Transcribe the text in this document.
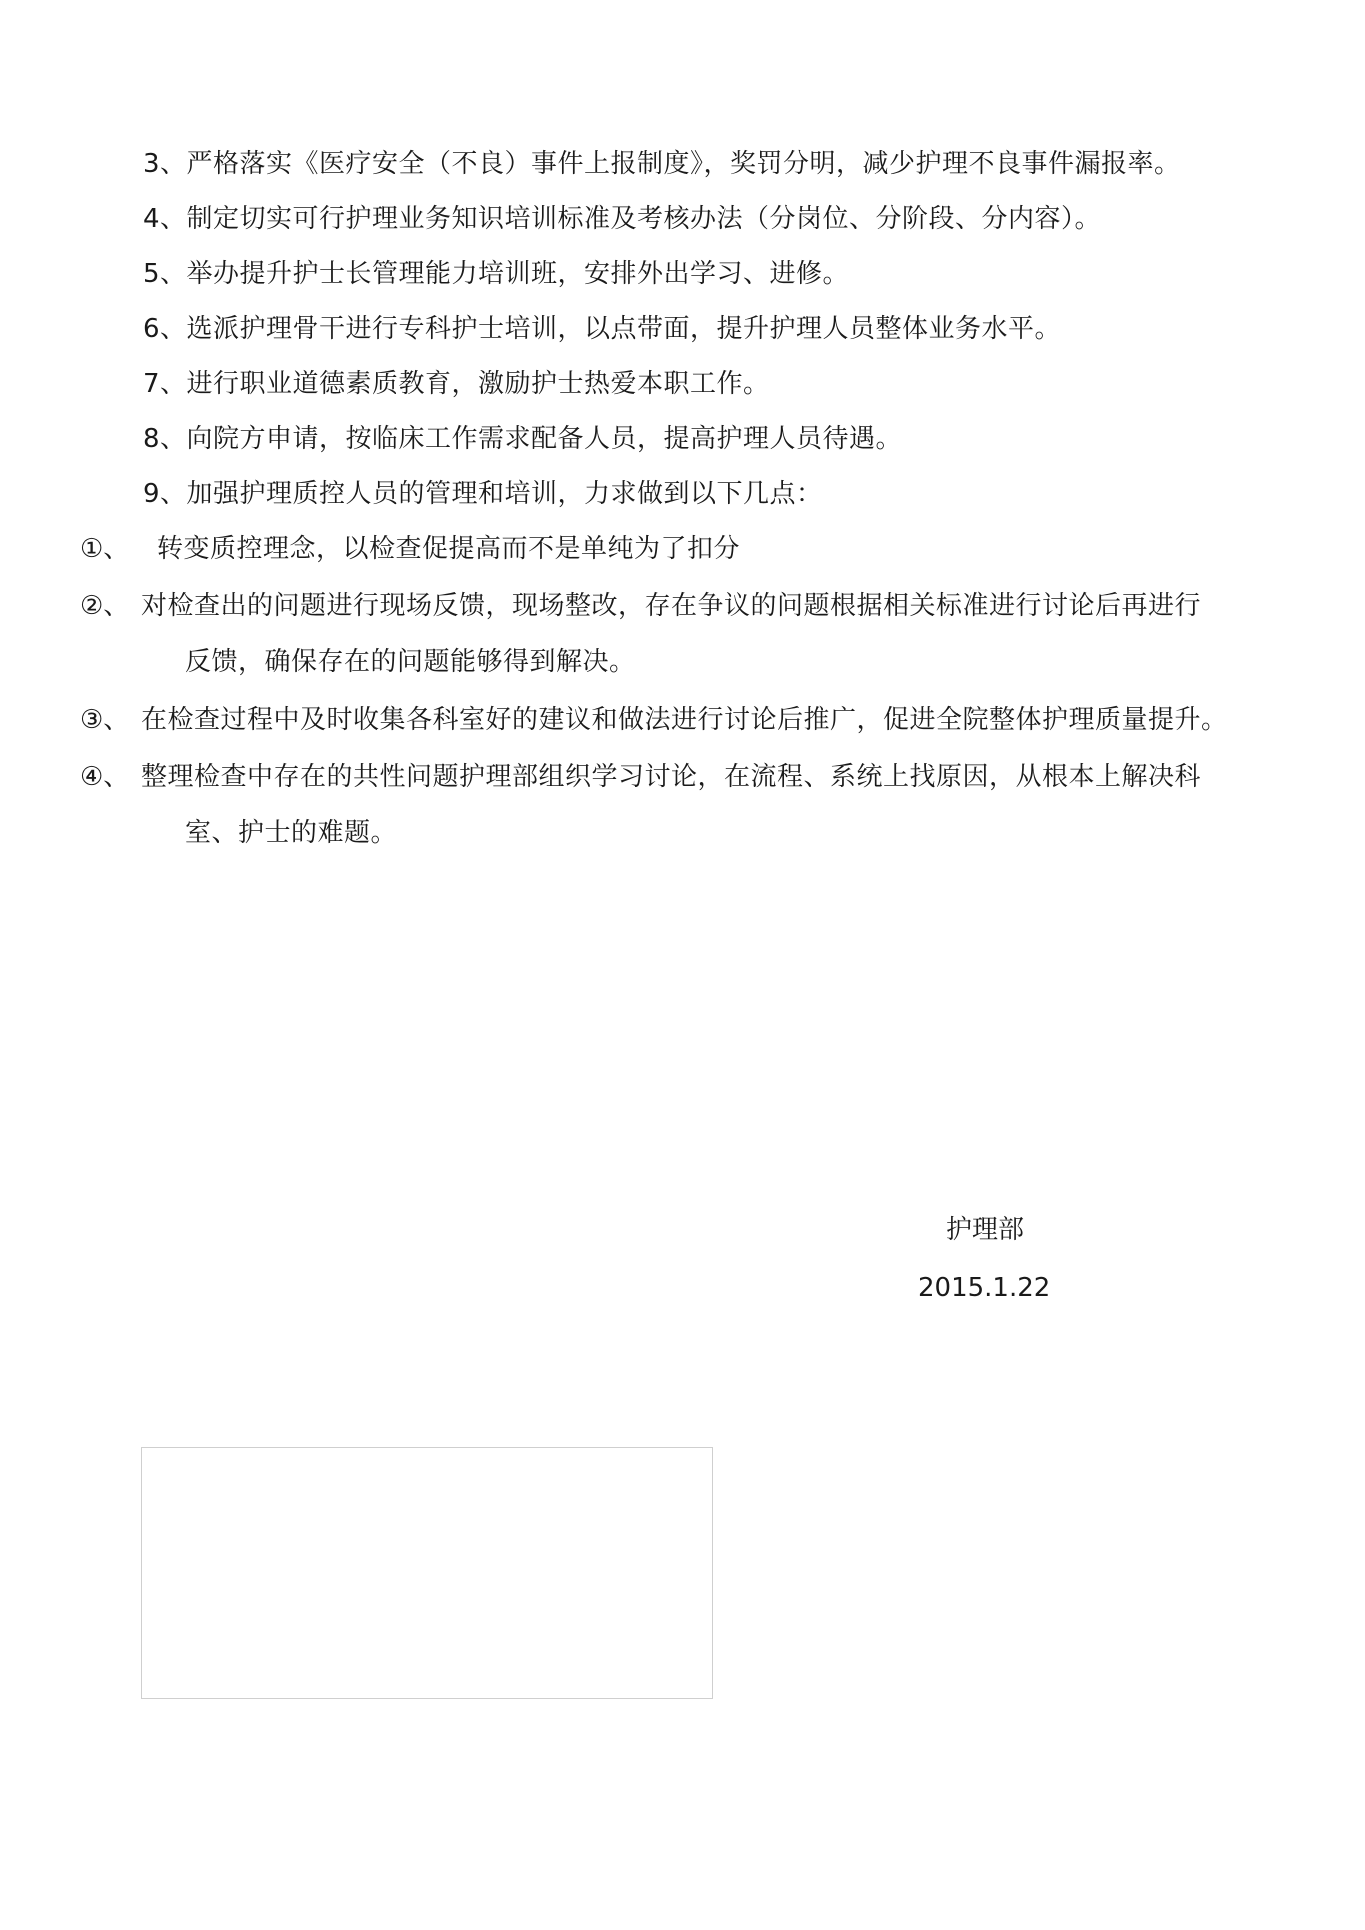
3、严格落实《医疗安全（不良）事件上报制度》，奖罚分明，减少护理不良事件漏报率。
4、制定切实可行护理业务知识培训标准及考核办法（分岗位、分阶段、分内容）。
5、举办提升护士长管理能力培训班，安排外出学习、进修。
6、选派护理骨干进行专科护士培训，以点带面，提升护理人员整体业务水平。
7、进行职业道德素质教育，激励护士热爱本职工作。
8、向院方申请，按临床工作需求配备人员，提高护理人员待遇。
9、加强护理质控人员的管理和培训，力求做到以下几点：
①、 转变质控理念，以检查促提高而不是单纯为了扣分
②、 对检查出的问题进行现场反馈，现场整改，存在争议的问题根据相关标准进行讨论后再进行
反馈，确保存在的问题能够得到解决。
③、 在检查过程中及时收集各科室好的建议和做法进行讨论后推广，促进全院整体护理质量提升。
④、 整理检查中存在的共性问题护理部组织学习讨论，在流程、系统上找原因，从根本上解决科
室、护士的难题。
护理部
2015.1.22
